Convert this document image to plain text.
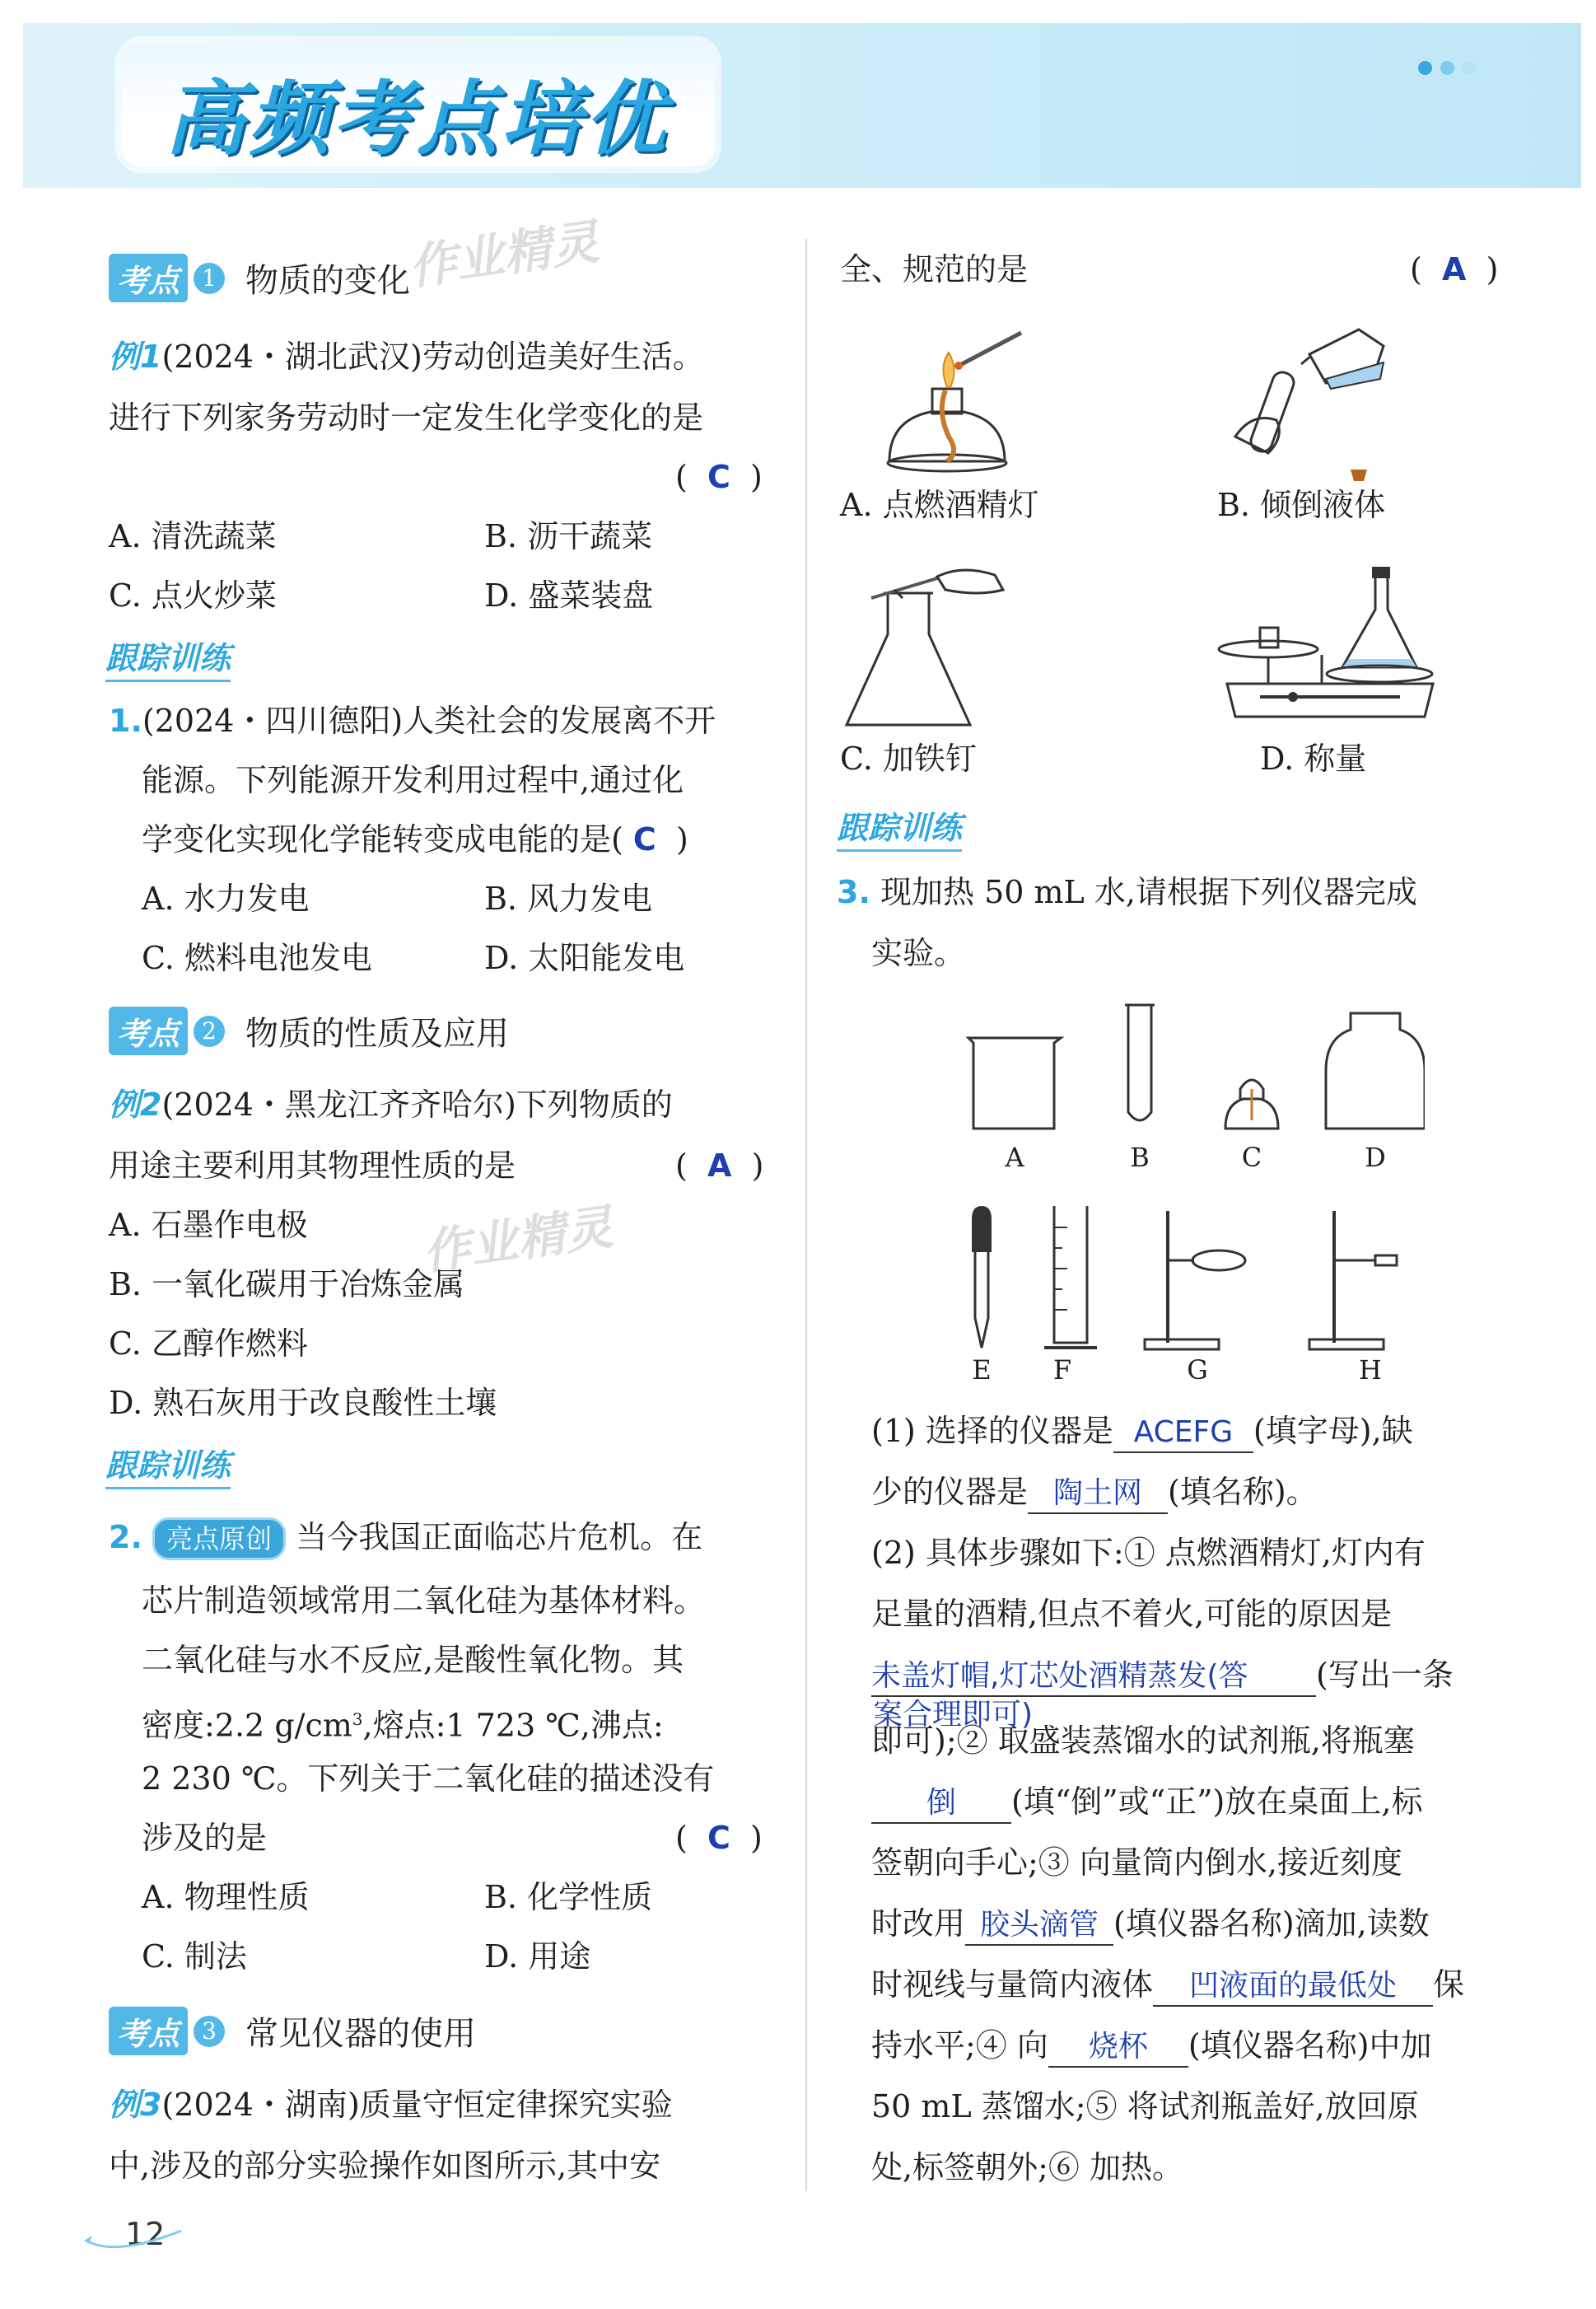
高频考点培优
作业精灵
作业精灵
考点 1 物质的变化
例1(2024・湖北武汉)劳动创造美好生活。
进行下列家务劳动时一定发生化学变化的是
(  C  )
A. 清洗蔬菜	B. 沥干蔬菜
C. 点火炒菜	D. 盛菜装盘
跟踪训练
1.(2024・四川德阳)人类社会的发展离不开
能源。下列能源开发利用过程中,通过化
学变化实现化学能转变成电能的是( C  )
A. 水力发电	B. 风力发电
C. 燃料电池发电	D. 太阳能发电
考点 2 物质的性质及应用
例2(2024・黑龙江齐齐哈尔)下列物质的
用途主要利用其物理性质的是	(  A  )
A. 石墨作电极
B. 一氧化碳用于冶炼金属
C. 乙醇作燃料
D. 熟石灰用于改良酸性土壤
跟踪训练
2. 亮点原创 当今我国正面临芯片危机。在
芯片制造领域常用二氧化硅为基体材料。
二氧化硅与水不反应,是酸性氧化物。其
密度:2.2 $g/cm^3$,熔点:1 723 ℃,沸点:
2 230 ℃。下列关于二氧化硅的描述没有
涉及的是	(  C  )
A. 物理性质	B. 化学性质
C. 制法	D. 用途
考点 3 常见仪器的使用
例3(2024・湖南)质量守恒定律探究实验
中,涉及的部分实验操作如图所示,其中安
12
全、规范的是	(  A  )
A. 点燃酒精灯	B. 倾倒液体
C. 加铁钉	D. 称量
跟踪训练
3. 现加热 50 mL 水,请根据下列仪器完成
实验。
A	B	C	D
E	F	G	H
(1) 选择的仪器是 ACEFG (填字母),缺
少的仪器是 陶土网 (填名称)。
(2) 具体步骤如下:① 点燃酒精灯,灯内有
足量的酒精,但点不着火,可能的原因是
未盖灯帽,灯芯处酒精蒸发(答 (写出一条
案合理即可)
即可);② 取盛装蒸馏水的试剂瓶,将瓶塞
倒 (填“倒”或“正”)放在桌面上,标
签朝向手心;③ 向量筒内倒水,接近刻度
时改用 胶头滴管 (填仪器名称)滴加,读数
时视线与量筒内液体 凹液面的最低处 保
持水平;④ 向 烧杯 (填仪器名称)中加
50 mL 蒸馏水;⑤ 将试剂瓶盖好,放回原
处,标签朝外;⑥ 加热。
